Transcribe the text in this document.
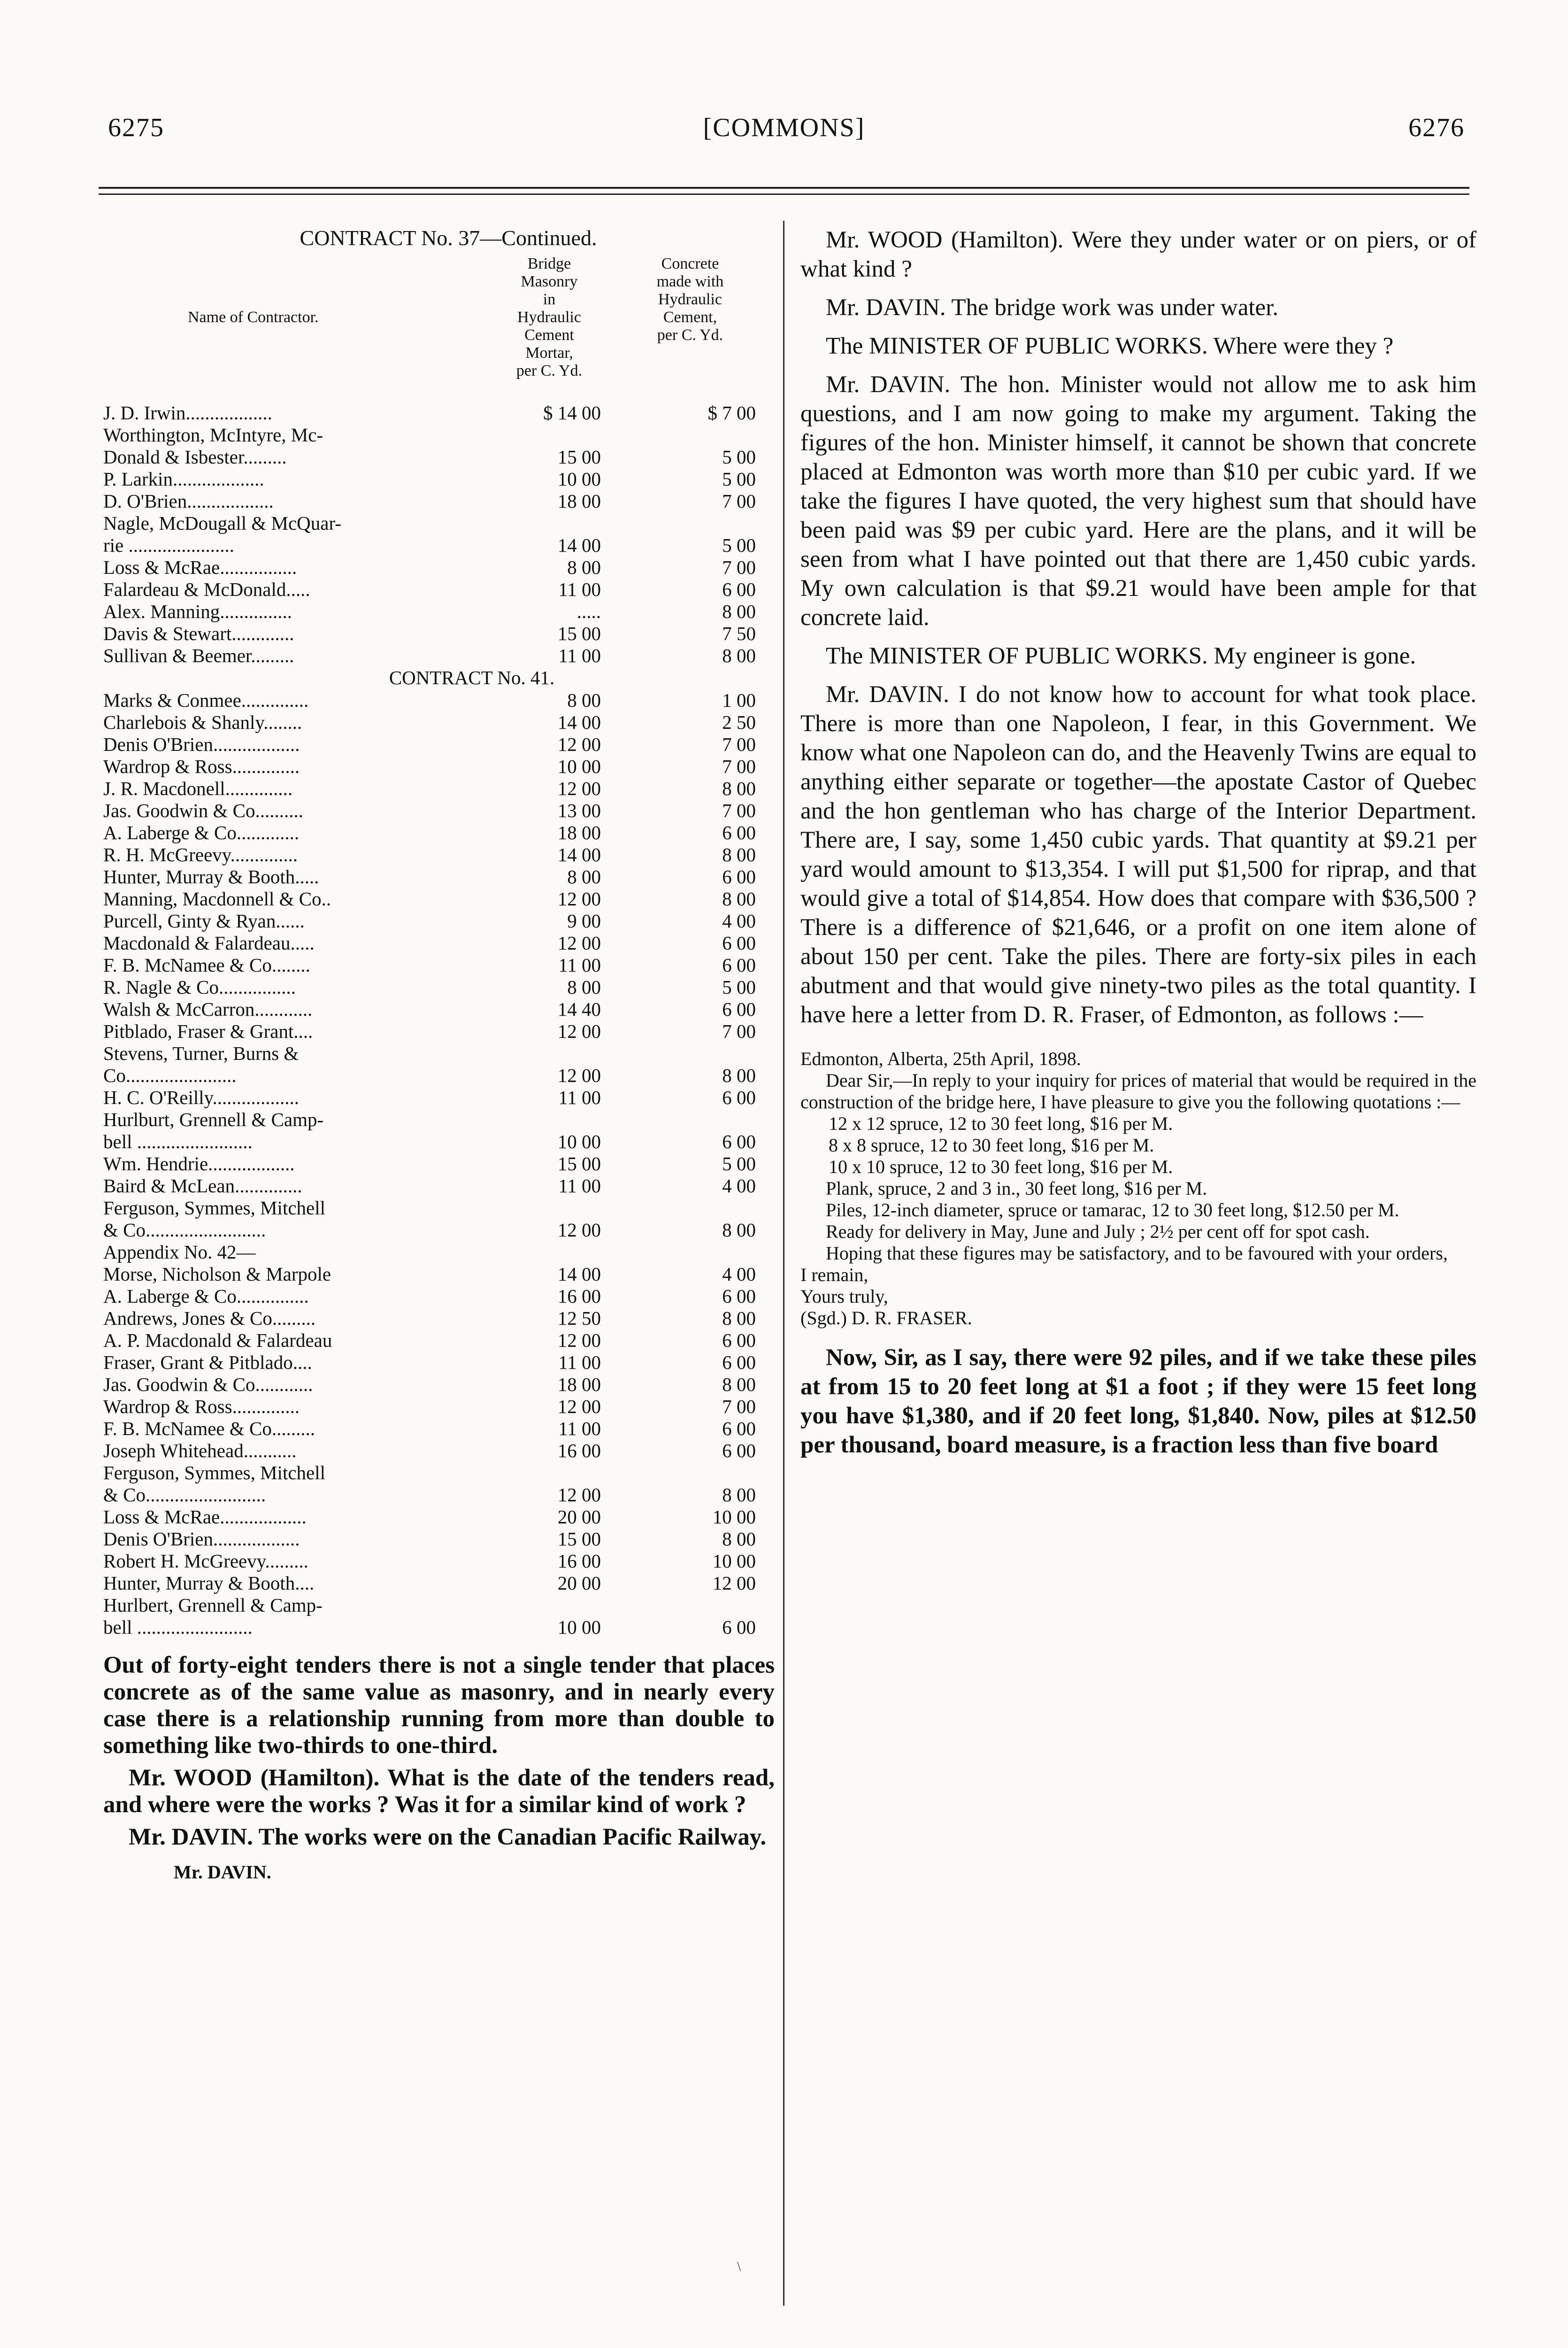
6275	[COMMONS]	6276
CONTRACT No. 37—Continued.
Name of Contractor.
Bridge
Masonry
in
Hydraulic
Cement
Mortar,
per C. Yd.
Concrete
made with
Hydraulic
Cement,
per C. Yd.
J. D. Irwin..................	$ 14 00	$ 7 00
Worthington, McIntyre, Mc-
Donald & Isbester.........	15 00	5 00
P. Larkin...................	10 00	5 00
D. O'Brien..................	18 00	7 00
Nagle, McDougall & McQuar-
rie ......................	14 00	5 00
Loss & McRae................	8 00	7 00
Falardeau & McDonald.....	11 00	6 00
Alex. Manning...............	.....	8 00
Davis & Stewart.............	15 00	7 50
Sullivan & Beemer.........	11 00	8 00
CONTRACT No. 41.
Marks & Conmee..............	8 00	1 00
Charlebois & Shanly........	14 00	2 50
Denis O'Brien..................	12 00	7 00
Wardrop & Ross..............	10 00	7 00
J. R. Macdonell..............	12 00	8 00
Jas. Goodwin & Co..........	13 00	7 00
A. Laberge & Co.............	18 00	6 00
R. H. McGreevy..............	14 00	8 00
Hunter, Murray & Booth.....	8 00	6 00
Manning, Macdonnell & Co..	12 00	8 00
Purcell, Ginty & Ryan......	9 00	4 00
Macdonald & Falardeau.....	12 00	6 00
F. B. McNamee & Co........	11 00	6 00
R. Nagle & Co................	8 00	5 00
Walsh & McCarron............	14 40	6 00
Pitblado, Fraser & Grant....	12 00	7 00
Stevens, Turner, Burns &
Co.......................	12 00	8 00
H. C. O'Reilly..................	11 00	6 00
Hurlburt, Grennell & Camp-
bell ........................	10 00	6 00
Wm. Hendrie..................	15 00	5 00
Baird & McLean..............	11 00	4 00
Ferguson, Symmes, Mitchell
& Co.........................	12 00	8 00
Appendix No. 42—
Morse, Nicholson & Marpole	14 00	4 00
A. Laberge & Co...............	16 00	6 00
Andrews, Jones & Co.........	12 50	8 00
A. P. Macdonald & Falardeau	12 00	6 00
Fraser, Grant & Pitblado....	11 00	6 00
Jas. Goodwin & Co............	18 00	8 00
Wardrop & Ross..............	12 00	7 00
F. B. McNamee & Co.........	11 00	6 00
Joseph Whitehead...........	16 00	6 00
Ferguson, Symmes, Mitchell
& Co.........................	12 00	8 00
Loss & McRae..................	20 00	10 00
Denis O'Brien..................	15 00	8 00
Robert H. McGreevy.........	16 00	10 00
Hunter, Murray & Booth....	20 00	12 00
Hurlbert, Grennell & Camp-
bell ........................	10 00	6 00

Out of forty-eight tenders there is not a single tender that places concrete as of the same value as masonry, and in nearly every case there is a relationship running from more than double to something like two-thirds to one-third.

Mr. WOOD (Hamilton). What is the date of the tenders read, and where were the works ? Was it for a similar kind of work ?

Mr. DAVIN. The works were on the Canadian Pacific Railway.

Mr. DAVIN.

Mr. WOOD (Hamilton). Were they under water or on piers, or of what kind ?

Mr. DAVIN. The bridge work was under water.

The MINISTER OF PUBLIC WORKS. Where were they ?

Mr. DAVIN. The hon. Minister would not allow me to ask him questions, and I am now going to make my argument. Taking the figures of the hon. Minister himself, it cannot be shown that concrete placed at Edmonton was worth more than $10 per cubic yard. If we take the figures I have quoted, the very highest sum that should have been paid was $9 per cubic yard. Here are the plans, and it will be seen from what I have pointed out that there are 1,450 cubic yards. My own calculation is that $9.21 would have been ample for that concrete laid.

The MINISTER OF PUBLIC WORKS. My engineer is gone.

Mr. DAVIN. I do not know how to account for what took place. There is more than one Napoleon, I fear, in this Government. We know what one Napoleon can do, and the Heavenly Twins are equal to anything either separate or together—the apostate Castor of Quebec and the hon gentleman who has charge of the Interior Department. There are, I say, some 1,450 cubic yards. That quantity at $9.21 per yard would amount to $13,354. I will put $1,500 for riprap, and that would give a total of $14,854. How does that compare with $36,500 ? There is a difference of $21,646, or a profit on one item alone of about 150 per cent. Take the piles. There are forty-six piles in each abutment and that would give ninety-two piles as the total quantity. I have here a letter from D. R. Fraser, of Edmonton, as follows :—

Edmonton, Alberta, 25th April, 1898.

Dear Sir,—In reply to your inquiry for prices of material that would be required in the construction of the bridge here, I have pleasure to give you the following quotations :—

12 x 12 spruce, 12 to 30 feet long, $16 per M.

8 x 8 spruce, 12 to 30 feet long, $16 per M.

10 x 10 spruce, 12 to 30 feet long, $16 per M.

Plank, spruce, 2 and 3 in., 30 feet long, $16 per M.

Piles, 12-inch diameter, spruce or tamarac, 12 to 30 feet long, $12.50 per M.

Ready for delivery in May, June and July ; 2½ per cent off for spot cash.

Hoping that these figures may be satisfactory, and to be favoured with your orders,

I remain,

Yours truly,

(Sgd.) D. R. FRASER.

Now, Sir, as I say, there were 92 piles, and if we take these piles at from 15 to 20 feet long at $1 a foot ; if they were 15 feet long you have $1,380, and if 20 feet long, $1,840. Now, piles at $12.50 per thousand, board measure, is a fraction less than five board

\
